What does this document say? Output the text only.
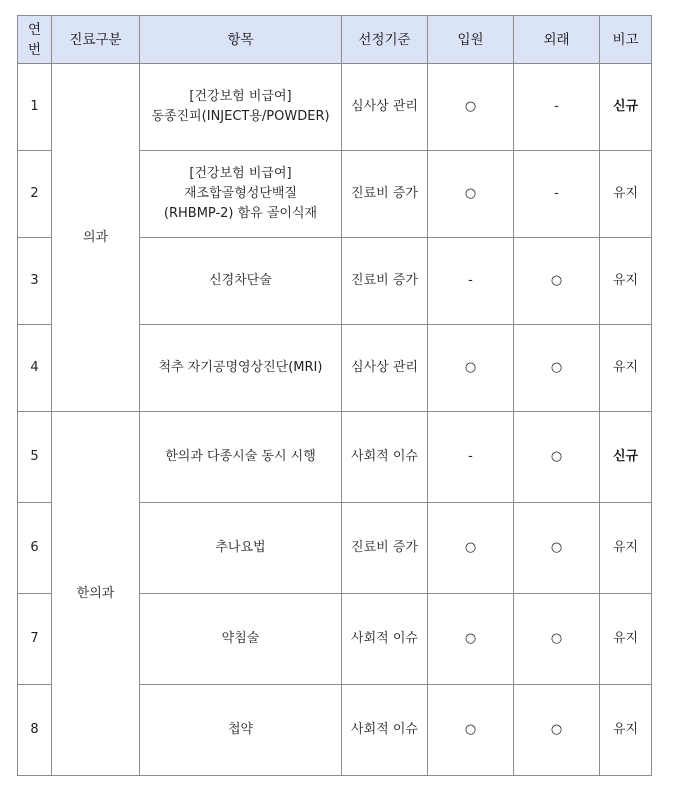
연번	진료구분	항목	선정기준	입원	외래	비고
1	의과	[건강보험 비급여]
동종진피(INJECT용/POWDER)	심사상 관리	○	-	신규
2		[건강보험 비급여]
재조합골형성단백질
(RHBMP-2) 함유 골이식재	진료비 증가	○	-	유지
3		신경차단술	진료비 증가	-	○	유지
4		척추 자기공명영상진단(MRI)	심사상 관리	○	○	유지
5	한의과	한의과 다종시술 동시 시행	사회적 이슈	-	○	신규
6		추나요법	진료비 증가	○	○	유지
7		약침술	사회적 이슈	○	○	유지
8		첩약	사회적 이슈	○	○	유지
